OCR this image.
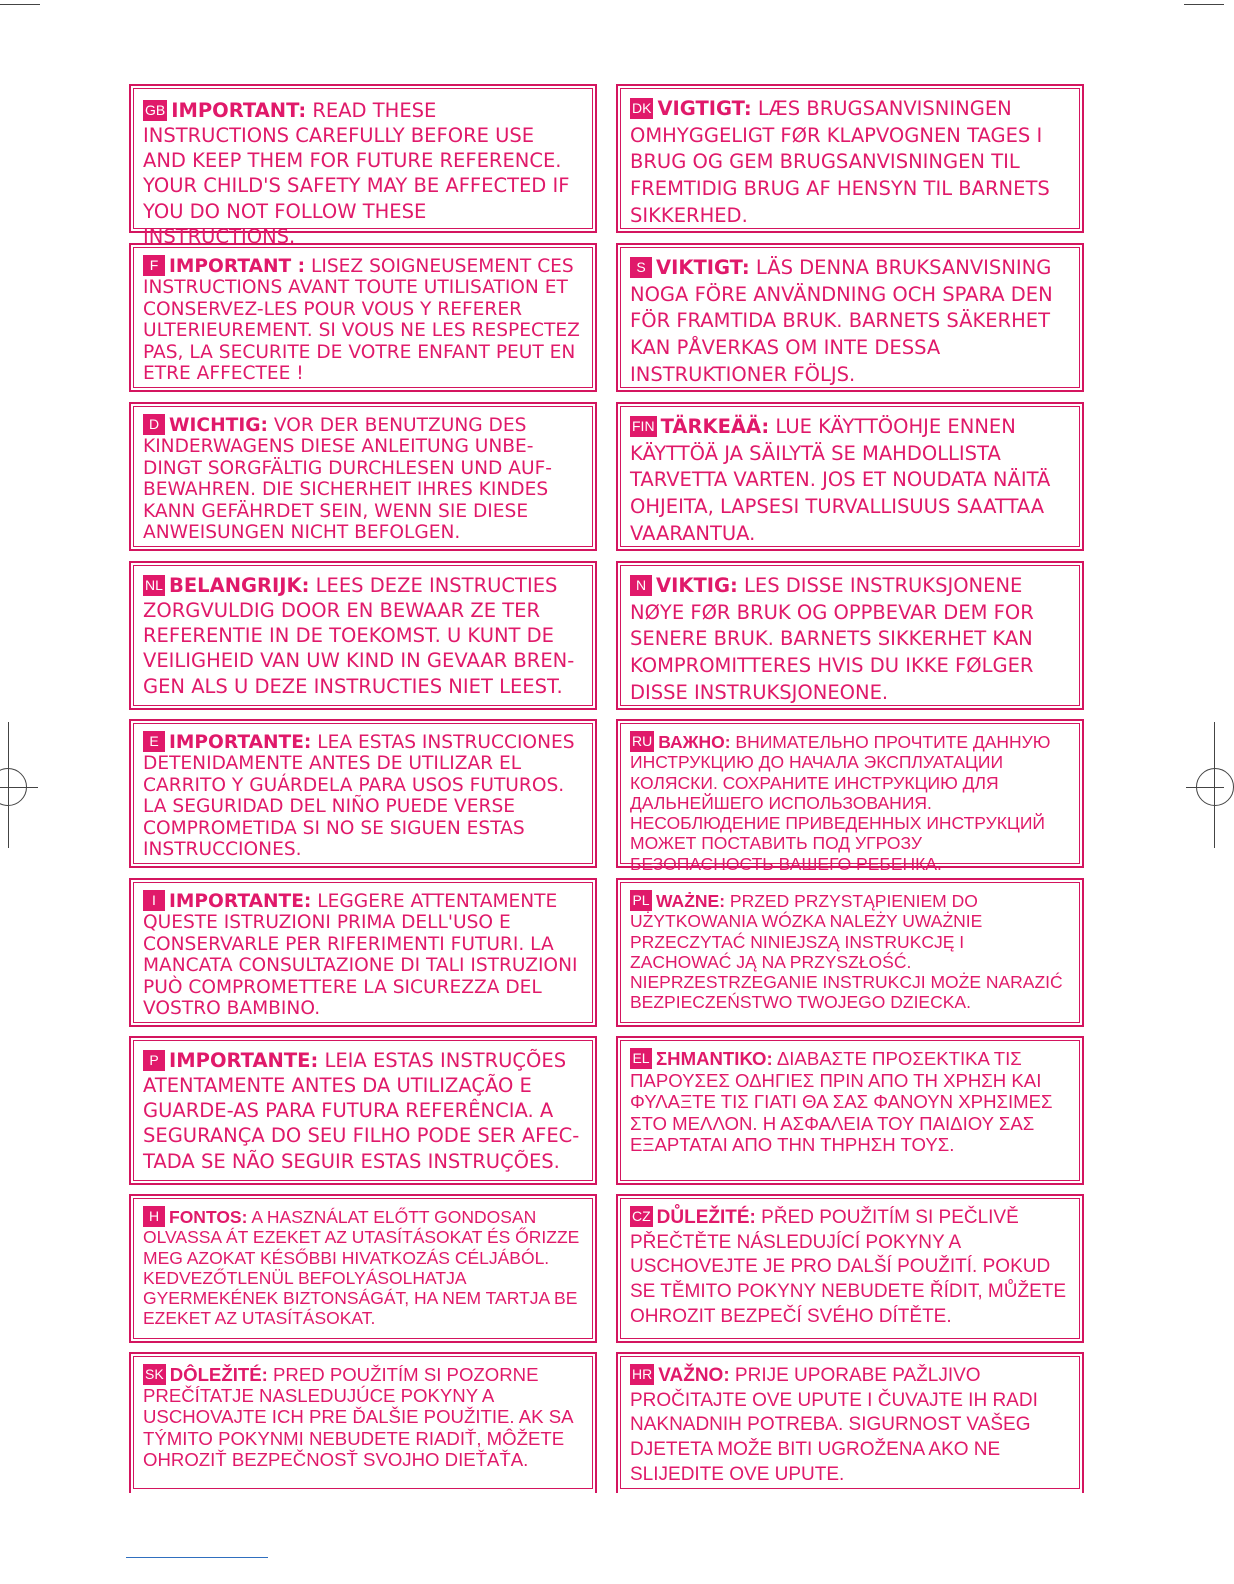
GB IMPORTANT: READ THESE INSTRUCTIONS CAREFULLY BEFORE USE AND KEEP THEM FOR FUTURE REFERENCE. YOUR CHILD'S SAFETY MAY BE AFFECTED IF YOU DO NOT FOLLOW THESE INSTRUCTIONS.
DK VIGTIGT: LÆS BRUGSANVISNINGEN OMHYGGELIGT FØR KLAPVOGNEN TAGES I BRUG OG GEM BRUGSANVISNINGEN TIL FREMTIDIG BRUG AF HENSYN TIL BARNETS SIKKERHED.
F IMPORTANT : LISEZ SOIGNEUSEMENT CES INSTRUCTIONS AVANT TOUTE UTILISATION ET CONSERVEZ-LES POUR VOUS Y REFERER ULTERIEUREMENT. SI VOUS NE LES RESPECTEZ PAS, LA SECURITE DE VOTRE ENFANT PEUT EN ETRE AFFECTEE !
S VIKTIGT: LÄS DENNA BRUKSANVISNING NOGA FÖRE ANVÄNDNING OCH SPARA DEN FÖR FRAMTIDA BRUK. BARNETS SÄKERHET KAN PÅVERKAS OM INTE DESSA INSTRUKTIONER FÖLJS.
D WICHTIG: VOR DER BENUTZUNG DES KINDERWAGENS DIESE ANLEITUNG UNBE-DINGT SORGFÄLTIG DURCHLESEN UND AUF-BEWAHREN. DIE SICHERHEIT IHRES KINDES KANN GEFÄHRDET SEIN, WENN SIE DIESE ANWEISUNGEN NICHT BEFOLGEN.
FIN TÄRKEÄÄ: LUE KÄYTTÖOHJE ENNEN KÄYTTÖÄ JA SÄILYTÄ SE MAHDOLLISTA TARVETTA VARTEN. JOS ET NOUDATA NÄITÄ OHJEITA, LAPSESI TURVALLISUUS SAATTAA VAARANTUA.
NL BELANGRIJK: LEES DEZE INSTRUCTIES ZORGVULDIG DOOR EN BEWAAR ZE TER REFERENTIE IN DE TOEKOMST. U KUNT DE VEILIGHEID VAN UW KIND IN GEVAAR BREN-GEN ALS U DEZE INSTRUCTIES NIET LEEST.
N VIKTIG: LES DISSE INSTRUKSJONENE NØYE FØR BRUK OG OPPBEVAR DEM FOR SENERE BRUK. BARNETS SIKKERHET KAN KOMPROMITTERES HVIS DU IKKE FØLGER DISSE INSTRUKSJONEONE.
E IMPORTANTE: LEA ESTAS INSTRUCCIONES DETENIDAMENTE ANTES DE UTILIZAR EL CARRITO Y GUÁRDELA PARA USOS FUTUROS. LA SEGURIDAD DEL NIÑO PUEDE VERSE COMPROMETIDA SI NO SE SIGUEN ESTAS INSTRUCCIONES.
RU ВАЖНО: ВНИМАТЕЛЬНО ПРОЧТИТЕ ДАННУЮ ИНСТРУКЦИЮ ДО НАЧАЛА ЭКСПЛУАТАЦИИ КОЛЯСКИ. СОХРАНИТЕ ИНСТРУКЦИЮ ДЛЯ ДАЛЬНЕЙШЕГО ИСПОЛЬЗОВАНИЯ. НЕСОБЛЮДЕНИЕ ПРИВЕДЕННЫХ ИНСТРУКЦИЙ МОЖЕТ ПОСТАВИТЬ ПОД УГРОЗУ БЕЗОПАСНОСТЬ ВАШЕГО РЕБЕНКА.
I IMPORTANTE: LEGGERE ATTENTAMENTE QUESTE ISTRUZIONI PRIMA DELL'USO E CONSERVARLE PER RIFERIMENTI FUTURI. LA MANCATA CONSULTAZIONE DI TALI ISTRUZIONI PUÒ COMPROMETTERE LA SICUREZZA DEL VOSTRO BAMBINO.
PL WAŻNE: PRZED PRZYSTĄPIENIEM DO UŻYTKOWANIA WÓZKA NALEŻY UWAŻNIE PRZECZYTAĆ NINIEJSZĄ INSTRUKCJĘ I ZACHOWAĆ JĄ NA PRZYSZŁOŚĆ. NIEPRZESTRZEGANIE INSTRUKCJI MOŻE NARAZIĆ BEZPIECZEŃSTWO TWOJEGO DZIECKA.
P IMPORTANTE: LEIA ESTAS INSTRUÇÕES ATENTAMENTE ANTES DA UTILIZAÇÃO E GUARDE-AS PARA FUTURA REFERÊNCIA. A SEGURANÇA DO SEU FILHO PODE SER AFEC-TADA SE NÃO SEGUIR ESTAS INSTRUÇÕES.
EL ΣΗΜΑΝΤΙΚΟ: ΔΙΑΒΑΣΤΕ ΠΡΟΣΕΚΤΙΚΑ ΤΙΣ ΠΑΡΟΥΣΕΣ ΟΔΗΓΙΕΣ ΠΡΙΝ ΑΠΟ ΤΗ ΧΡΗΣΗ ΚΑΙ ΦΥΛΑΞΤΕ ΤΙΣ ΓΙΑΤΙ ΘΑ ΣΑΣ ΦΑΝΟΥΝ ΧΡΗΣΙΜΕΣ ΣΤΟ ΜΕΛΛΟΝ. Η ΑΣΦΑΛΕΙΑ ΤΟΥ ΠΑΙΔΙΟΥ ΣΑΣ ΕΞΑΡΤΑΤΑΙ ΑΠΟ ΤΗΝ ΤΗΡΗΣΗ ΤΟΥΣ.
H FONTOS: A HASZNÁLAT ELŐTT GONDOSAN OLVASSA ÁT EZEKET AZ UTASÍTÁSOKAT ÉS ŐRIZZE MEG AZOKAT KÉSŐBBI HIVATKOZÁS CÉLJÁBÓL. KEDVEZŐTLENÜL BEFOLYÁSOLHATJA GYERMEKÉNEK BIZTONSÁGÁT, HA NEM TARTJA BE EZEKET AZ UTASÍTÁSOKAT.
CZ DŮLEŽITÉ: PŘED POUŽITÍM SI PEČLIVĚ PŘEČTĚTE NÁSLEDUJÍCÍ POKYNY A USCHOVEJTE JE PRO DALŠÍ POUŽITÍ. POKUD SE TĚMITO POKYNY NEBUDETE ŘÍDIT, MŮŽETE OHROZIT BEZPEČÍ SVÉHO DÍTĚTE.
SK DÔLEŽITÉ: PRED POUŽITÍM SI POZORNE PREČÍTATJE NASLEDUJÚCE POKYNY A USCHOVAJTE ICH PRE ĎALŠIE POUŽITIE. AK SA TÝMITO POKYNMI NEBUDETE RIADIŤ, MÔŽETE OHROZIŤ BEZPEČNOSŤ SVOJHO DIEŤAŤA.
HR VAŽNO: PRIJE UPORABE PAŽLJIVO PROČITAJTE OVE UPUTE I ČUVAJTE IH RADI NAKNADNIH POTREBA. SIGURNOST VAŠEG DJETETA MOŽE BITI UGROŽENA AKO NE SLIJEDITE OVE UPUTE.
